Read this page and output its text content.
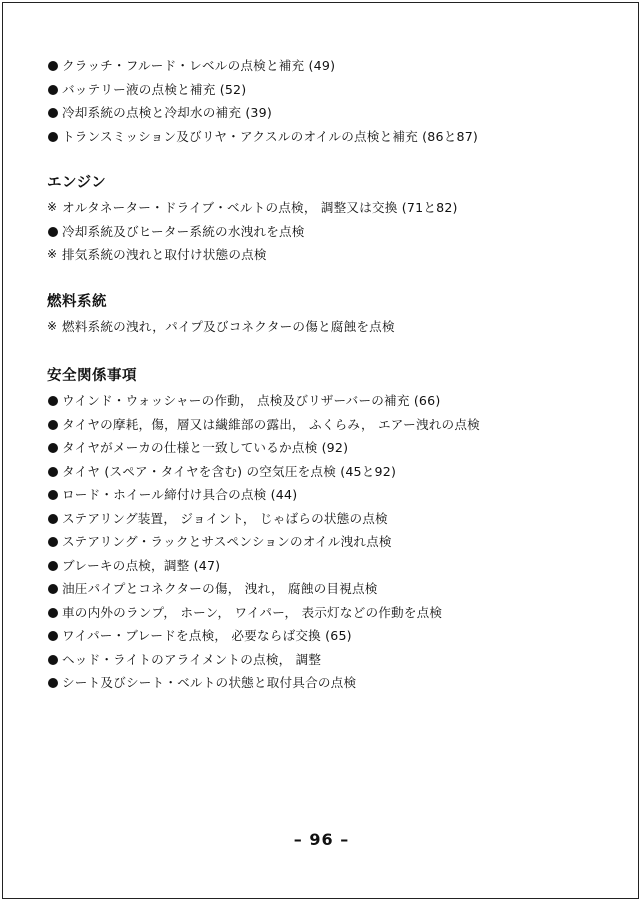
クラッチ・フルード・レベルの点検と補充 (49)
バッテリー液の点検と補充 (52)
冷却系統の点検と冷却水の補充 (39)
トランスミッション及びリヤ・アクスルのオイルの点検と補充 (86と87)
エンジン
※ オルタネーター・ドライブ・ベルトの点検， 調整又は交換 (71と82)
冷却系統及びヒーター系統の水洩れを点検
※ 排気系統の洩れと取付け状態の点検
燃料系統
※ 燃料系統の洩れ，パイプ及びコネクターの傷と腐蝕を点検
安全関係事項
ウインド・ウォッシャーの作動， 点検及びリザーバーの補充 (66)
タイヤの摩耗，傷，層又は繊維部の露出， ふくらみ， エアー洩れの点検
タイヤがメーカの仕様と一致しているか点検 (92)
タイヤ (スペア・タイヤを含む) の空気圧を点検 (45と92)
ロード・ホイール締付け具合の点検 (44)
ステアリング装置， ジョイント， じゃばらの状態の点検
ステアリング・ラックとサスペンションのオイル洩れ点検
ブレーキの点検，調整 (47)
油圧パイプとコネクターの傷， 洩れ， 腐蝕の目視点検
車の内外のランプ， ホーン， ワイパー， 表示灯などの作動を点検
ワイパー・ブレードを点検， 必要ならば交換 (65)
ヘッド・ライトのアライメントの点検， 調整
シート及びシート・ベルトの状態と取付具合の点検
– 96 –
